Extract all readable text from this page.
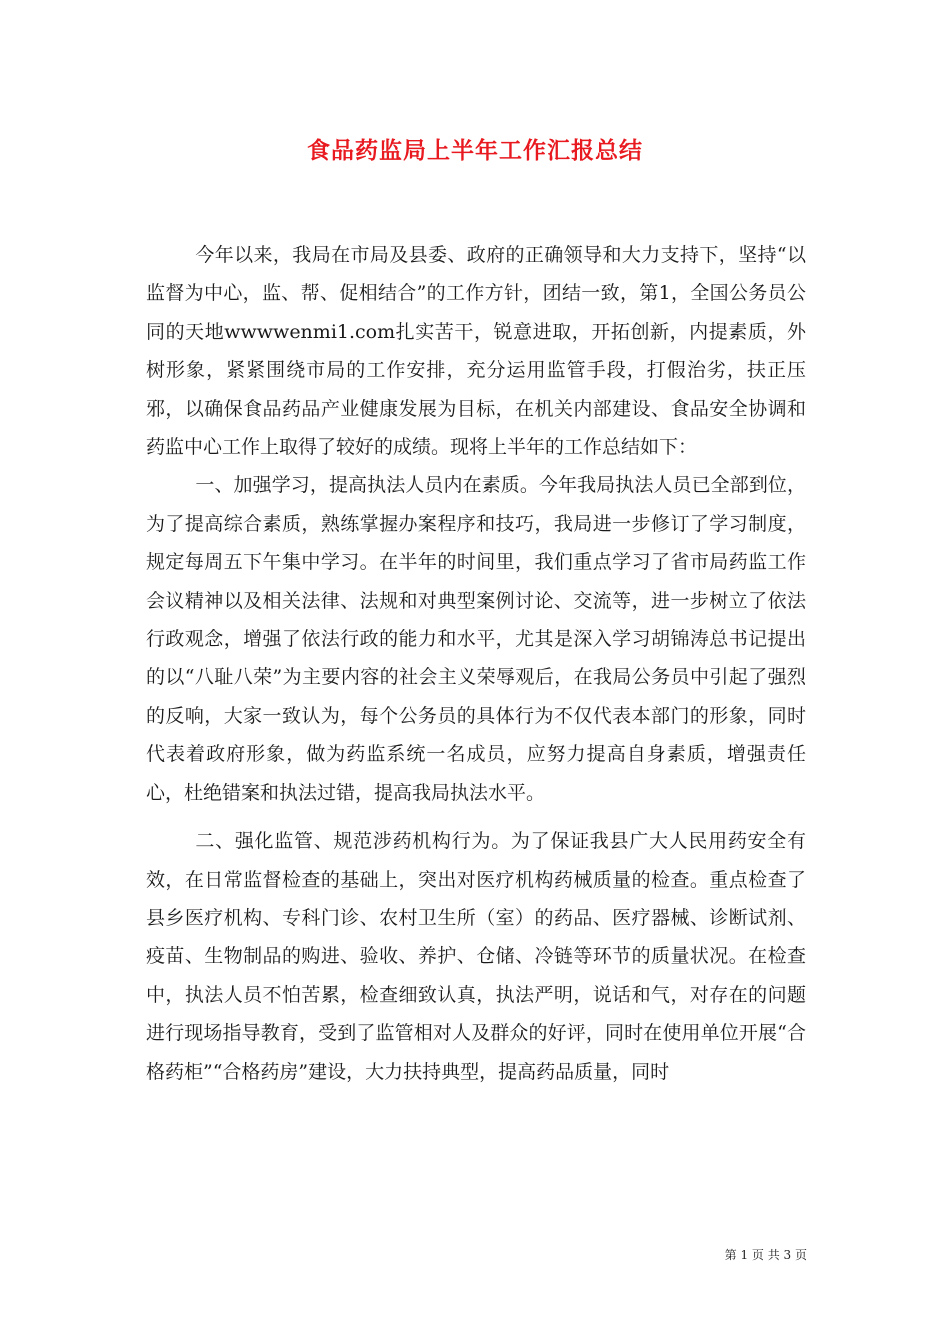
食品药监局上半年工作汇报总结

今年以来，我局在市局及县委、政府的正确领导和大力支持下，坚持“以监督为中心，监、帮、促相结合”的工作方针，团结一致，第1，全国公务员公同的天地wwwwenmi1.com扎实苦干，锐意进取，开拓创新，内提素质，外树形象，紧紧围绕市局的工作安排，充分运用监管手段，打假治劣，扶正压邪，以确保食品药品产业健康发展为目标，在机关内部建设、食品安全协调和药监中心工作上取得了较好的成绩。现将上半年的工作总结如下：

一、加强学习，提高执法人员内在素质。今年我局执法人员已全部到位，为了提高综合素质，熟练掌握办案程序和技巧，我局进一步修订了学习制度，规定每周五下午集中学习。在半年的时间里，我们重点学习了省市局药监工作会议精神以及相关法律、法规和对典型案例讨论、交流等，进一步树立了依法行政观念，增强了依法行政的能力和水平，尤其是深入学习胡锦涛总书记提出的以“八耻八荣”为主要内容的社会主义荣辱观后，在我局公务员中引起了强烈的反响，大家一致认为，每个公务员的具体行为不仅代表本部门的形象，同时代表着政府形象，做为药监系统一名成员，应努力提高自身素质，增强责任心，杜绝错案和执法过错，提高我局执法水平。

二、强化监管、规范涉药机构行为。为了保证我县广大人民用药安全有效，在日常监督检查的基础上，突出对医疗机构药械质量的检查。重点检查了县乡医疗机构、专科门诊、农村卫生所（室）的药品、医疗器械、诊断试剂、疫苗、生物制品的购进、验收、养护、仓储、冷链等环节的质量状况。在检查中，执法人员不怕苦累，检查细致认真，执法严明，说话和气，对存在的问题进行现场指导教育，受到了监管相对人及群众的好评，同时在使用单位开展“合格药柜”“合格药房”建设，大力扶持典型，提高药品质量，同时

第 1 页 共 3 页
